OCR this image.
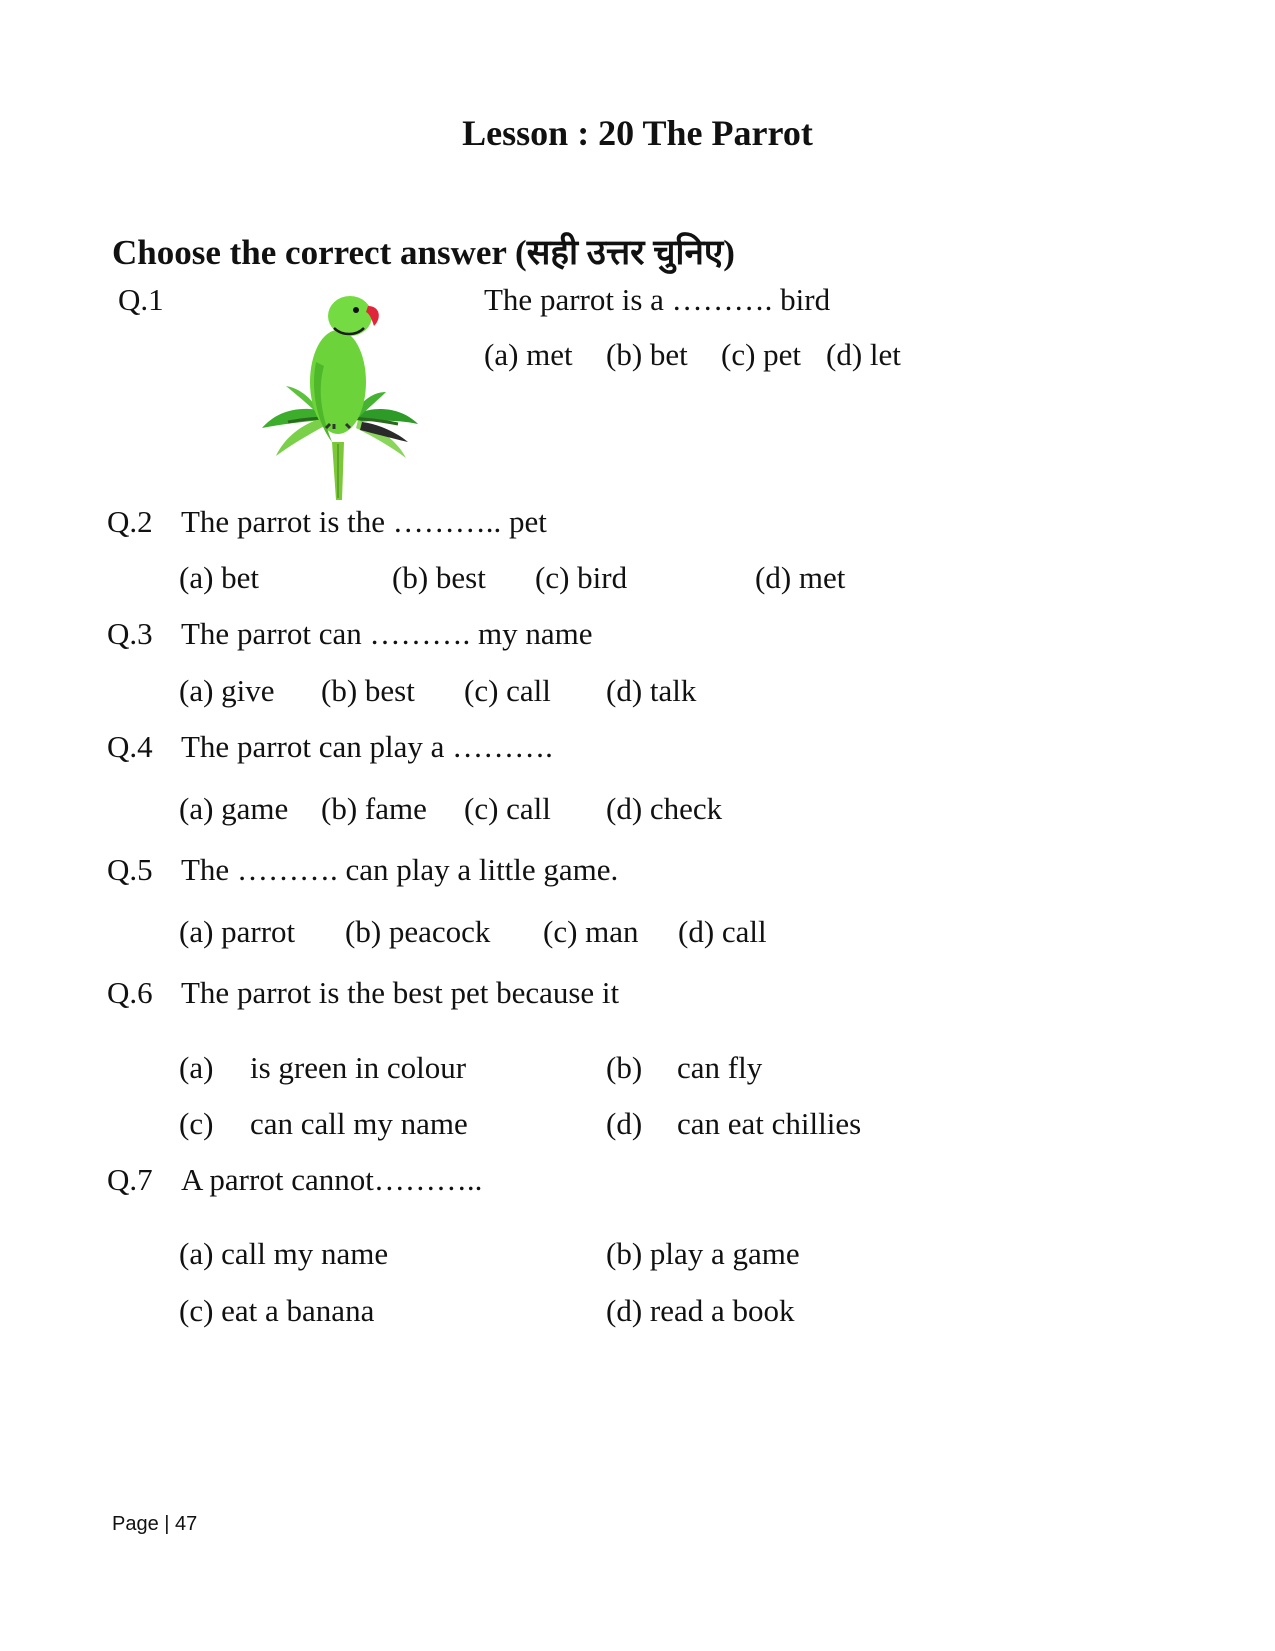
Lesson : 20 The Parrot
Choose the correct answer (सही उत्तर चुनिए)
Q.1	The parrot is a ………. bird
(a) met (b) bet (c) pet (d) let
Q.2 The parrot is the ……….. pet
(a) bet	(b) best (c) bird	(d) met
Q.3 The parrot can ………. my name
(a) give (b) best (c) call (d) talk
Q.4 The parrot can play a ……….
(a) game (b) fame (c) call (d) check
Q.5 The ………. can play a little game.
(a) parrot (b) peacock (c) man (d) call
Q.6 The parrot is the best pet because it
(a) is green in colour	(b) can fly
(c) can call my name	(d) can eat chillies
Q.7 A parrot cannot………..
(a) call my name	(b) play a game
(c) eat a banana	(d) read a book
Page | 47
